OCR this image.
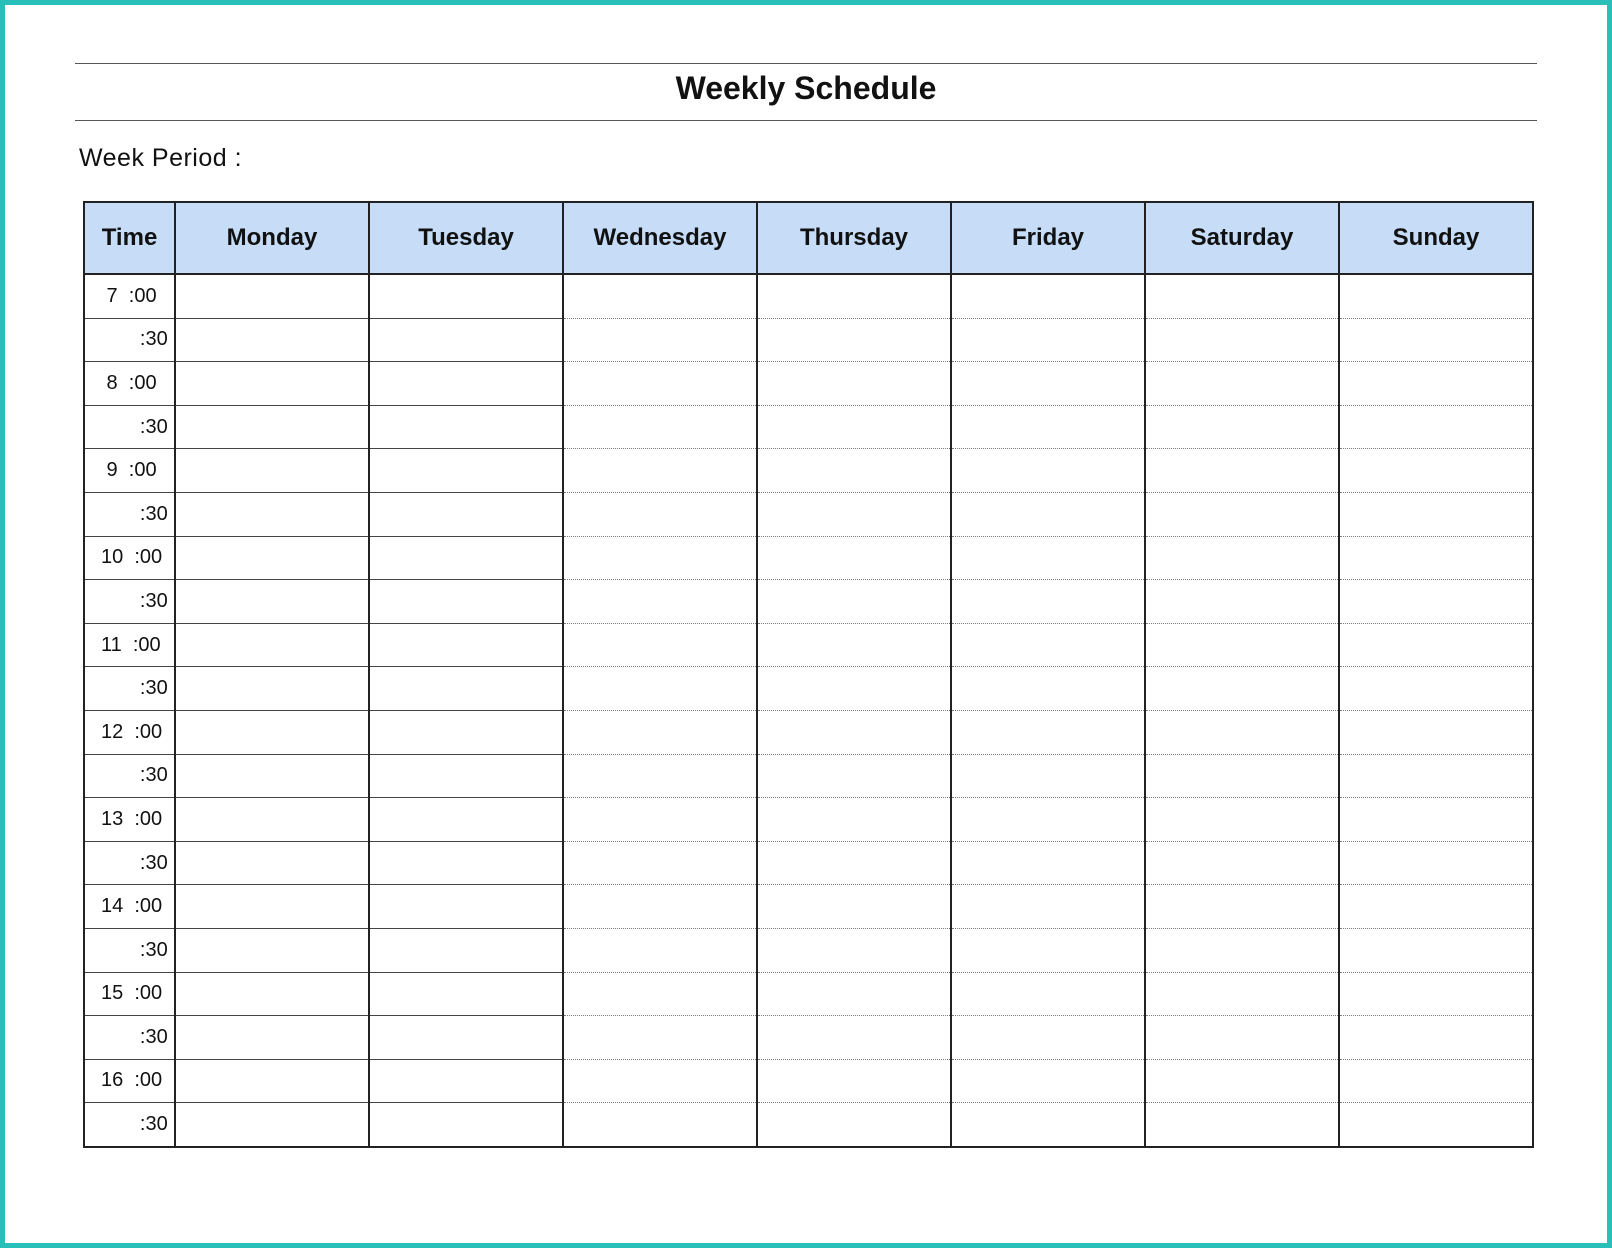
Weekly Schedule
Week Period :
Time	Monday	Tuesday	Wednesday	Thursday	Friday	Saturday	Sunday
7  :00							
:30							
8  :00							
:30							
9  :00							
:30							
10  :00							
:30							
11  :00							
:30							
12  :00							
:30							
13  :00							
:30							
14  :00							
:30							
15  :00							
:30							
16  :00							
:30							
